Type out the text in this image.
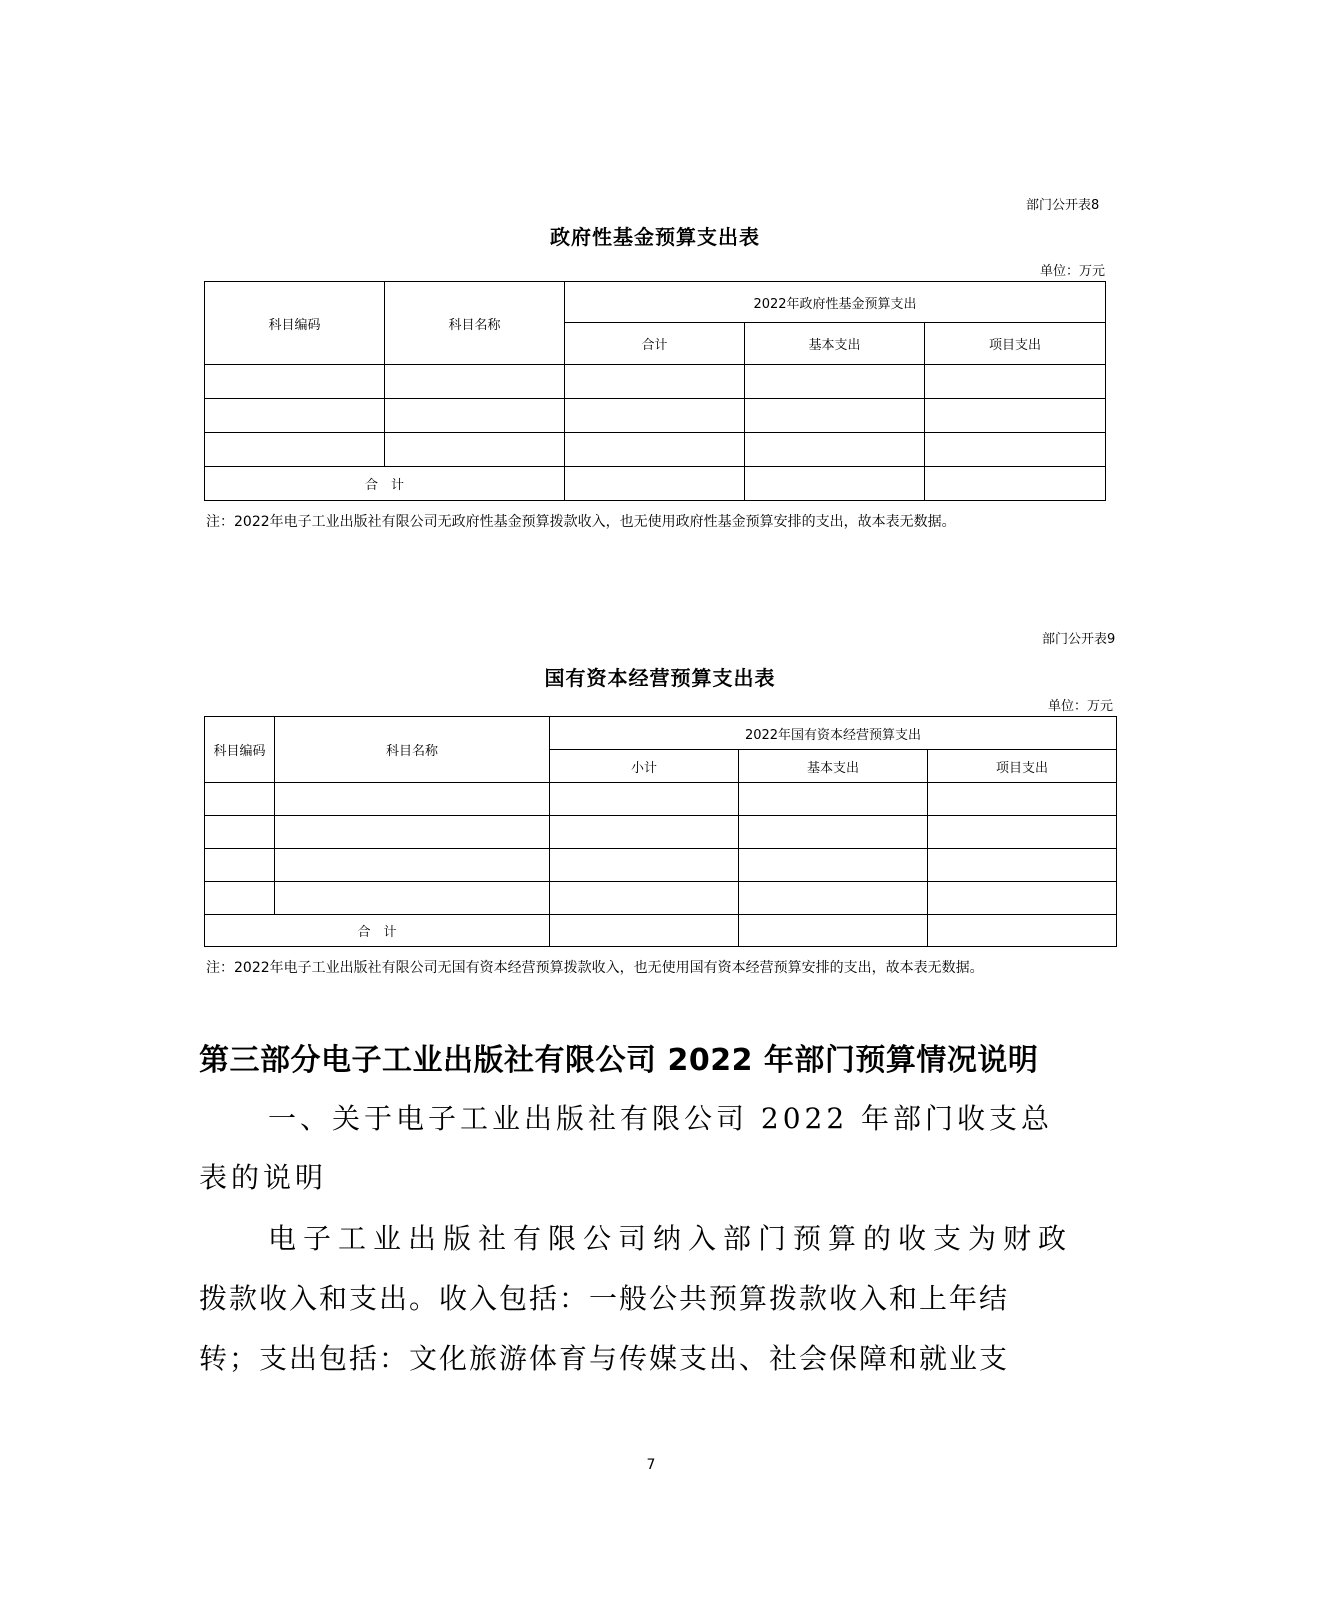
部门公开表8
政府性基金预算支出表
单位：万元
科目编码	科目名称	2022年政府性基金预算支出		
		合计	基本支出	项目支出

合　计				
注：2022年电子工业出版社有限公司无政府性基金预算拨款收入，也无使用政府性基金预算安排的支出，故本表无数据。
部门公开表9
国有资本经营预算支出表
单位：万元
科目编码	科目名称	2022年国有资本经营预算支出		
		小计	基本支出	项目支出

合　计				
注：2022年电子工业出版社有限公司无国有资本经营预算拨款收入，也无使用国有资本经营预算安排的支出，故本表无数据。
第三部分电子工业出版社有限公司 2022 年部门预算情况说明
一、关于电子工业出版社有限公司 2022 年部门收支总
表的说明
电子工业出版社有限公司纳入部门预算的收支为财政
拨款收入和支出。收入包括：一般公共预算拨款收入和上年结
转；支出包括：文化旅游体育与传媒支出、社会保障和就业支
7
